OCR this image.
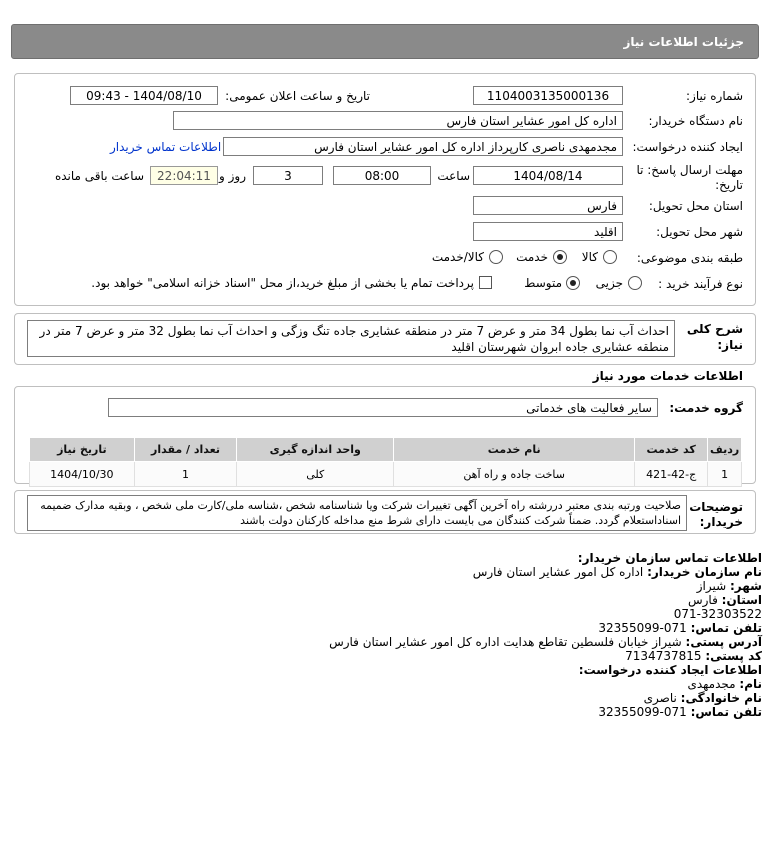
جزئیات اطلاعات نیاز
شماره نیاز:
1104003135000136
تاریخ و ساعت اعلان عمومی:
1404/08/10 - 09:43
نام دستگاه خریدار:
اداره کل امور عشایر استان فارس
ایجاد کننده درخواست:
مجدمهدی ناصری کارپرداز اداره کل امور عشایر استان فارس
اطلاعات تماس خریدار
مهلت ارسال پاسخ: تا
تاریخ:
1404/08/14
ساعت
08:00
3
روز و
22:04:11
ساعت باقی مانده
استان محل تحویل:
فارس
شهر محل تحویل:
اقلید
طبقه بندی موضوعی:
کالا
خدمت
کالا/خدمت
نوع فرآیند خرید :
جزیی
متوسط
پرداخت تمام یا بخشی از مبلغ خرید،از محل "اسناد خزانه اسلامی" خواهد بود.
شرح کلی
نیاز:
احداث آب نما بطول 34 متر و عرض 7 متر در منطقه عشایری جاده تنگ وزگی و احداث آب نما بطول 32 متر و عرض 7 متر در منطقه عشایری جاده ابروان شهرستان اقلید
اطلاعات خدمات مورد نیاز
گروه خدمت:
سایر فعالیت های خدماتی
ردیف	کد خدمت	نام خدمت	واحد اندازه گیری	تعداد / مقدار	تاریخ نیاز
1	ج-42-421	ساخت جاده و راه آهن	کلی	1	1404/10/30
توضیحات
خریدار:
صلاحیت ورتبه بندی معتبر دررشته راه آخرین آگهی تغییرات شرکت ویا شناسنامه شخص ،شناسه ملی/کارت ملی شخص ، وبقیه مدارک ضمیمه اسناداستعلام گردد. ضمناً شرکت کنندگان می بایست دارای شرط منع مداخله کارکنان دولت باشند
اطلاعات تماس سازمان خریدار:
نام سازمان خریدار: اداره کل امور عشایر استان فارس
شهر: شیراز
استان: فارس
071-32303522
تلفن تماس: 071-32355099
آدرس پستی: شیراز خیابان فلسطین تقاطع هدایت اداره کل امور عشایر استان فارس
کد پستی: 7134737815
اطلاعات ایجاد کننده درخواست:
نام: مجدمهدی
نام خانوادگی: ناصری
تلفن تماس: 071-32355099
